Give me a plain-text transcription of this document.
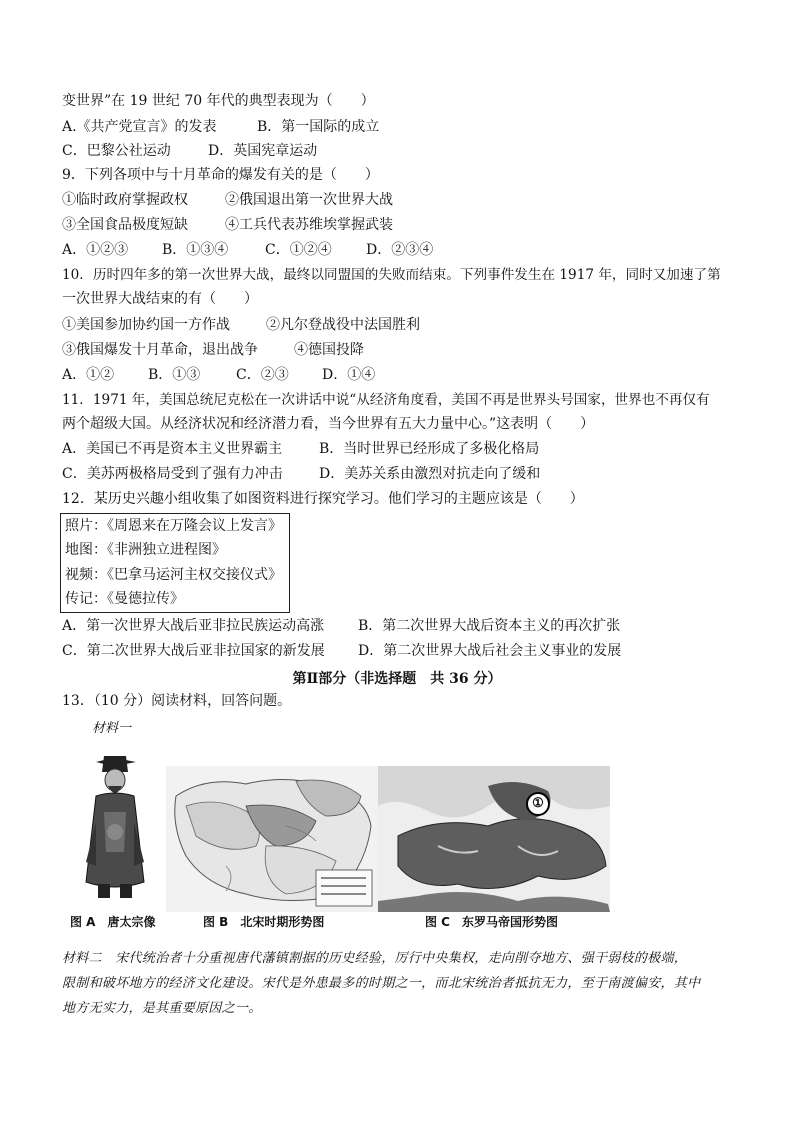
变世界”在 19 世纪 70 年代的典型表现为（　　）
A.《共产党宣言》的发表	B．第一国际的成立
C．巴黎公社运动	D．英国宪章运动
9．下列各项中与十月革命的爆发有关的是（　　）
①临时政府掌握政权	②俄国退出第一次世界大战
③全国食品极度短缺	④工兵代表苏维埃掌握武装
A．①②③ B．①③④	C．①②④ D．②③④
10．历时四年多的第一次世界大战，最终以同盟国的失败而结束。下列事件发生在 1917 年，同时又加速了第
一次世界大战结束的有（　　）
①美国参加协约国一方作战	②凡尔登战役中法国胜利
③俄国爆发十月革命，退出战争	④德国投降
A．①② B．①③	C．②③ D．①④
11．1971 年，美国总统尼克松在一次讲话中说“从经济角度看，美国不再是世界头号国家，世界也不再仅有
两个超级大国。从经济状况和经济潜力看，当今世界有五大力量中心。”这表明（　　）
A．美国已不再是资本主义世界霸主	B．当时世界已经形成了多极化格局
C．美苏两极格局受到了强有力冲击	D．美苏关系由激烈对抗走向了缓和
12．某历史兴趣小组收集了如图资料进行探究学习。他们学习的主题应该是（　　）
照片：《周恩来在万隆会议上发言》
地图：《非洲独立进程图》
视频：《巴拿马运河主权交接仪式》
传记：《曼德拉传》
A．第一次世界大战后亚非拉民族运动高涨 B．第二次世界大战后资本主义的再次扩张
C．第二次世界大战后亚非拉国家的新发展 D．第二次世界大战后社会主义事业的发展
第Ⅱ部分（非选择题　共 36 分）
13．（10 分）阅读材料，回答问题。
材料一
图 A　唐太宗像	图 B　北宋时期形势图
①
图 C　东罗马帝国形势图
材料二　宋代统治者十分重视唐代藩镇割据的历史经验，厉行中央集权，走向削夺地方、强干弱枝的极端，
限制和破坏地方的经济文化建设。宋代是外患最多的时期之一，而北宋统治者抵抗无力，至于南渡偏安，其中
地方无实力，是其重要原因之一。
